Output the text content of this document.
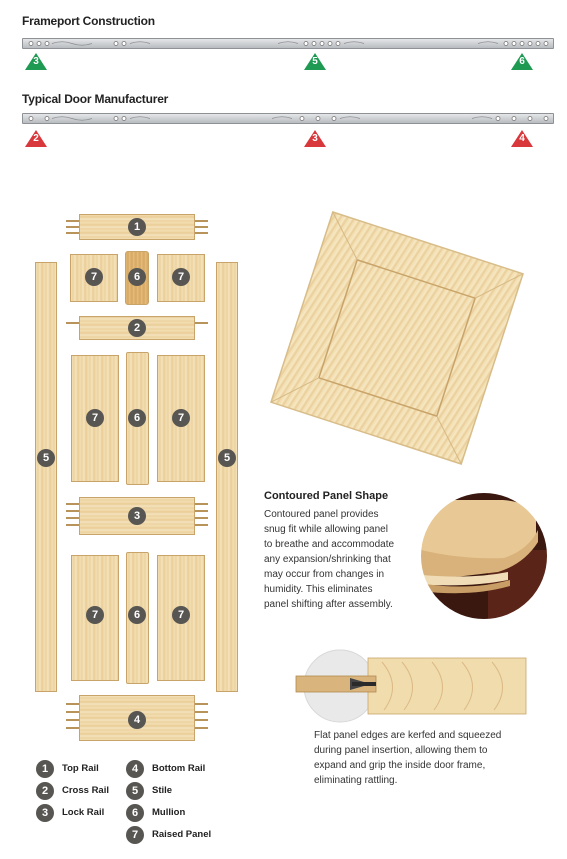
Frameport Construction
3	5	6
Typical Door Manufacturer
2	3	4
1
2
3
4
5	5
6
6
6
7	7
7	7
7	7
1	Top Rail
2	Cross Rail
3	Lock Rail
4	Bottom Rail
5	Stile
6	Mullion
7	Raised Panel
Contoured Panel Shape
Contoured panel provides
snug fit while allowing panel
to breathe and accommodate
any expansion/shrinking that
may occur from changes in
humidity. This eliminates
panel shifting after assembly.
Flat panel edges are kerfed and squeezed
during panel insertion, allowing them to
expand and grip the inside door frame,
eliminating rattling.
